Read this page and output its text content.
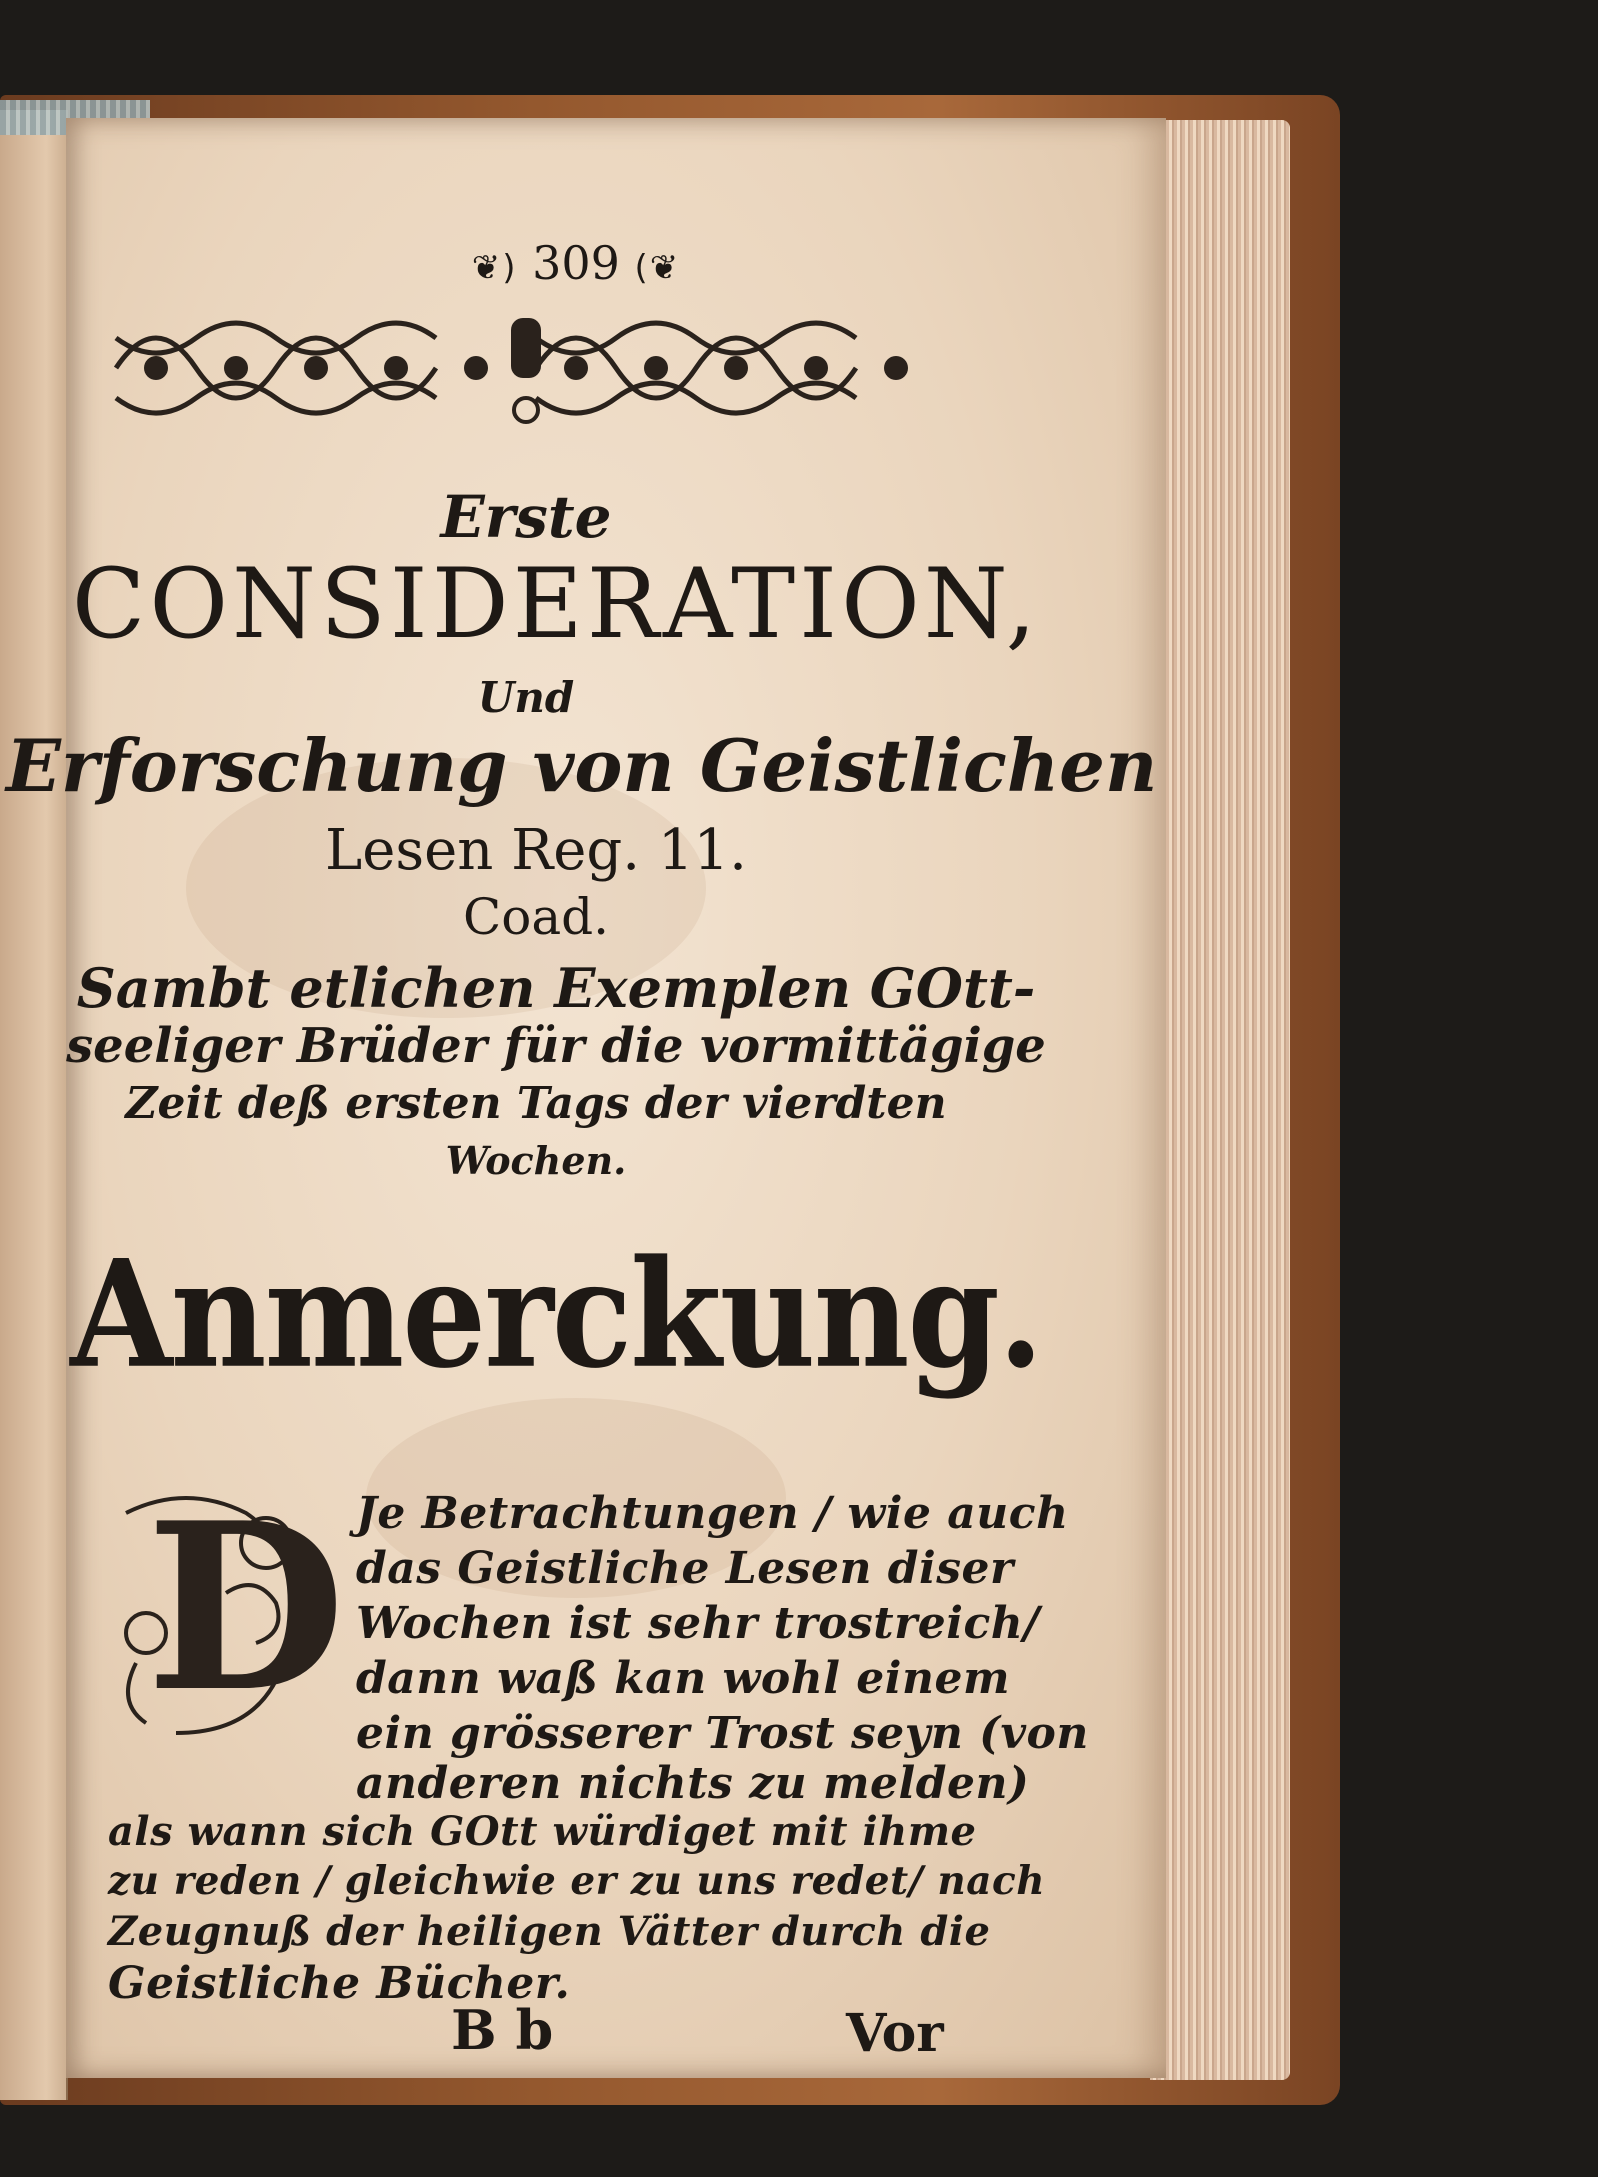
❦) 309 (❦
Erste
CONSIDERATION,
Und
Erforschung von Geistlichen
Lesen Reg. 11.
Coad.
Sambt etlichen Exemplen GOtt-
seeliger Brüder für die vormittägige
Zeit deß ersten Tags der vierdten
Wochen.
Anmerckung.
D Je Betrachtungen / wie auch
das Geistliche Lesen diser
Wochen ist sehr trostreich/
dann waß kan wohl einem
ein grösserer Trost seyn (von
anderen nichts zu melden)
als wann sich GOtt würdiget mit ihme
zu reden / gleichwie er zu uns redet/ nach
Zeugnuß der heiligen Vätter durch die
Geistliche Bücher.
B b	Vor
